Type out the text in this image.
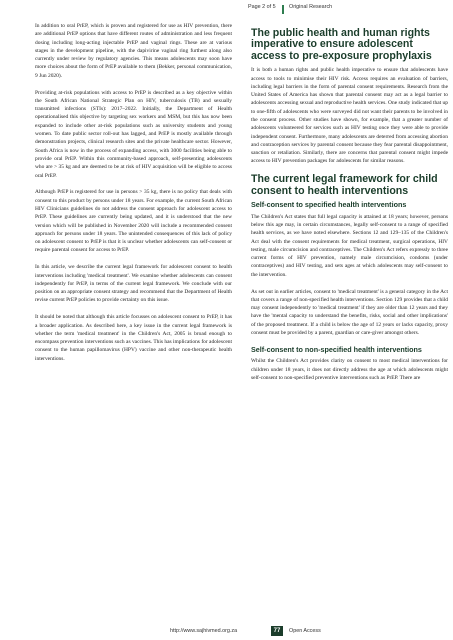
Page 2 of 5 Original Research

In addition to oral PrEP, which is proven and registered for use as HIV prevention, there are additional PrEP options that have different routes of administration and less frequent dosing including long-acting injectable PrEP and vaginal rings. These are at various stages in the development pipeline, with the dapivirine vaginal ring furthest along also currently under review by regulatory agencies. This means adolescents may soon have more choices about the form of PrEP available to them (Bekker, personal communication, 9 Jun 2020).

Providing at-risk populations with access to PrEP is described as a key objective within the South African National Strategic Plan on HIV, tuberculosis (TB) and sexually transmitted infections (STIs): 2017–2022. Initially, the Department of Health operationalised this objective by targeting sex workers and MSM, but this has now been expanded to include other at-risk populations such as university students and young women. To date public sector roll-out has lagged, and PrEP is mostly available through demonstration projects, clinical research sites and the private healthcare sector. However, South Africa is now in the process of expanding access, with 3000 facilities being able to provide oral PrEP. Within this community-based approach, self-presenting adolescents who are > 35 kg and are deemed to be at risk of HIV acquisition will be eligible to access oral PrEP.

Although PrEP is registered for use in persons > 35 kg, there is no policy that deals with consent to this product by persons under 18 years. For example, the current South African HIV Clinicians guidelines do not address the consent approach for adolescent access to PrEP. These guidelines are currently being updated, and it is understood that the new version which will be published in November 2020 will include a recommended consent approach for persons under 18 years. The unintended consequences of this lack of policy on adolescent consent to PrEP is that it is unclear whether adolescents can self-consent or require parental consent for access to PrEP.

In this article, we describe the current legal framework for adolescent consent to health interventions including 'medical treatment'. We examine whether adolescents can consent independently for PrEP, in terms of the current legal framework. We conclude with our position on an appropriate consent strategy and recommend that the Department of Health revise current PrEP policies to provide certainty on this issue.

It should be noted that although this article focusses on adolescent consent to PrEP, it has a broader application. As described here, a key issue in the current legal framework is whether the term 'medical treatment' in the Children's Act, 2005 is broad enough to encompass prevention interventions such as vaccines. This has implications for adolescent consent to the human papillomavirus (HPV) vaccine and other non-therapeutic health interventions.

The public health and human rights imperative to ensure adolescent access to pre-exposure prophylaxis

It is both a human rights and public health imperative to ensure that adolescents have access to tools to minimise their HIV risk. Access requires an evaluation of barriers, including legal barriers in the form of parental consent requirements. Research from the United States of America has shown that parental consent may act as a legal barrier to adolescents accessing sexual and reproductive health services. One study indicated that up to one-fifth of adolescents who were surveyed did not want their parents to be involved in the consent process. Other studies have shown, for example, that a greater number of adolescents volunteered for services such as HIV testing once they were able to provide independent consent. Furthermore, many adolescents are deterred from accessing abortion and contraception services by parental consent because they fear parental disappointment, sanction or retaliation. Similarly, there are concerns that parental consent might impede access to HIV prevention packages for adolescents for similar reasons.

The current legal framework for child consent to health interventions
Self-consent to specified health interventions

The Children's Act states that full legal capacity is attained at 18 years; however, persons below this age may, in certain circumstances, legally self-consent to a range of specified health services, as we have noted elsewhere. Sections 12 and 129–135 of the Children's Act deal with the consent requirements for medical treatment, surgical operations, HIV testing, male circumcision and contraceptives. The Children's Act refers expressly to three current forms of HIV prevention, namely male circumcision, condoms (under contraceptives) and HIV testing, and sets ages at which adolescents may self-consent to the intervention.

As set out in earlier articles, consent to 'medical treatment' is a general category in the Act that covers a range of non-specified health interventions. Section 129 provides that a child may consent independently to 'medical treatment' if they are older than 12 years and they have the 'mental capacity to understand the benefits, risks, social and other implications' of the proposed treatment. If a child is below the age of 12 years or lacks capacity, proxy consent must be provided by a parent, guardian or care-giver amongst others.

Self-consent to non-specified health interventions

Whilst the Children's Act provides clarity on consent to most medical interventions for children under 18 years, it does not directly address the age at which adolescents might self-consent to non-specified preventive interventions such as PrEP. There are

http://www.sajhivmed.org.za	77	Open Access
